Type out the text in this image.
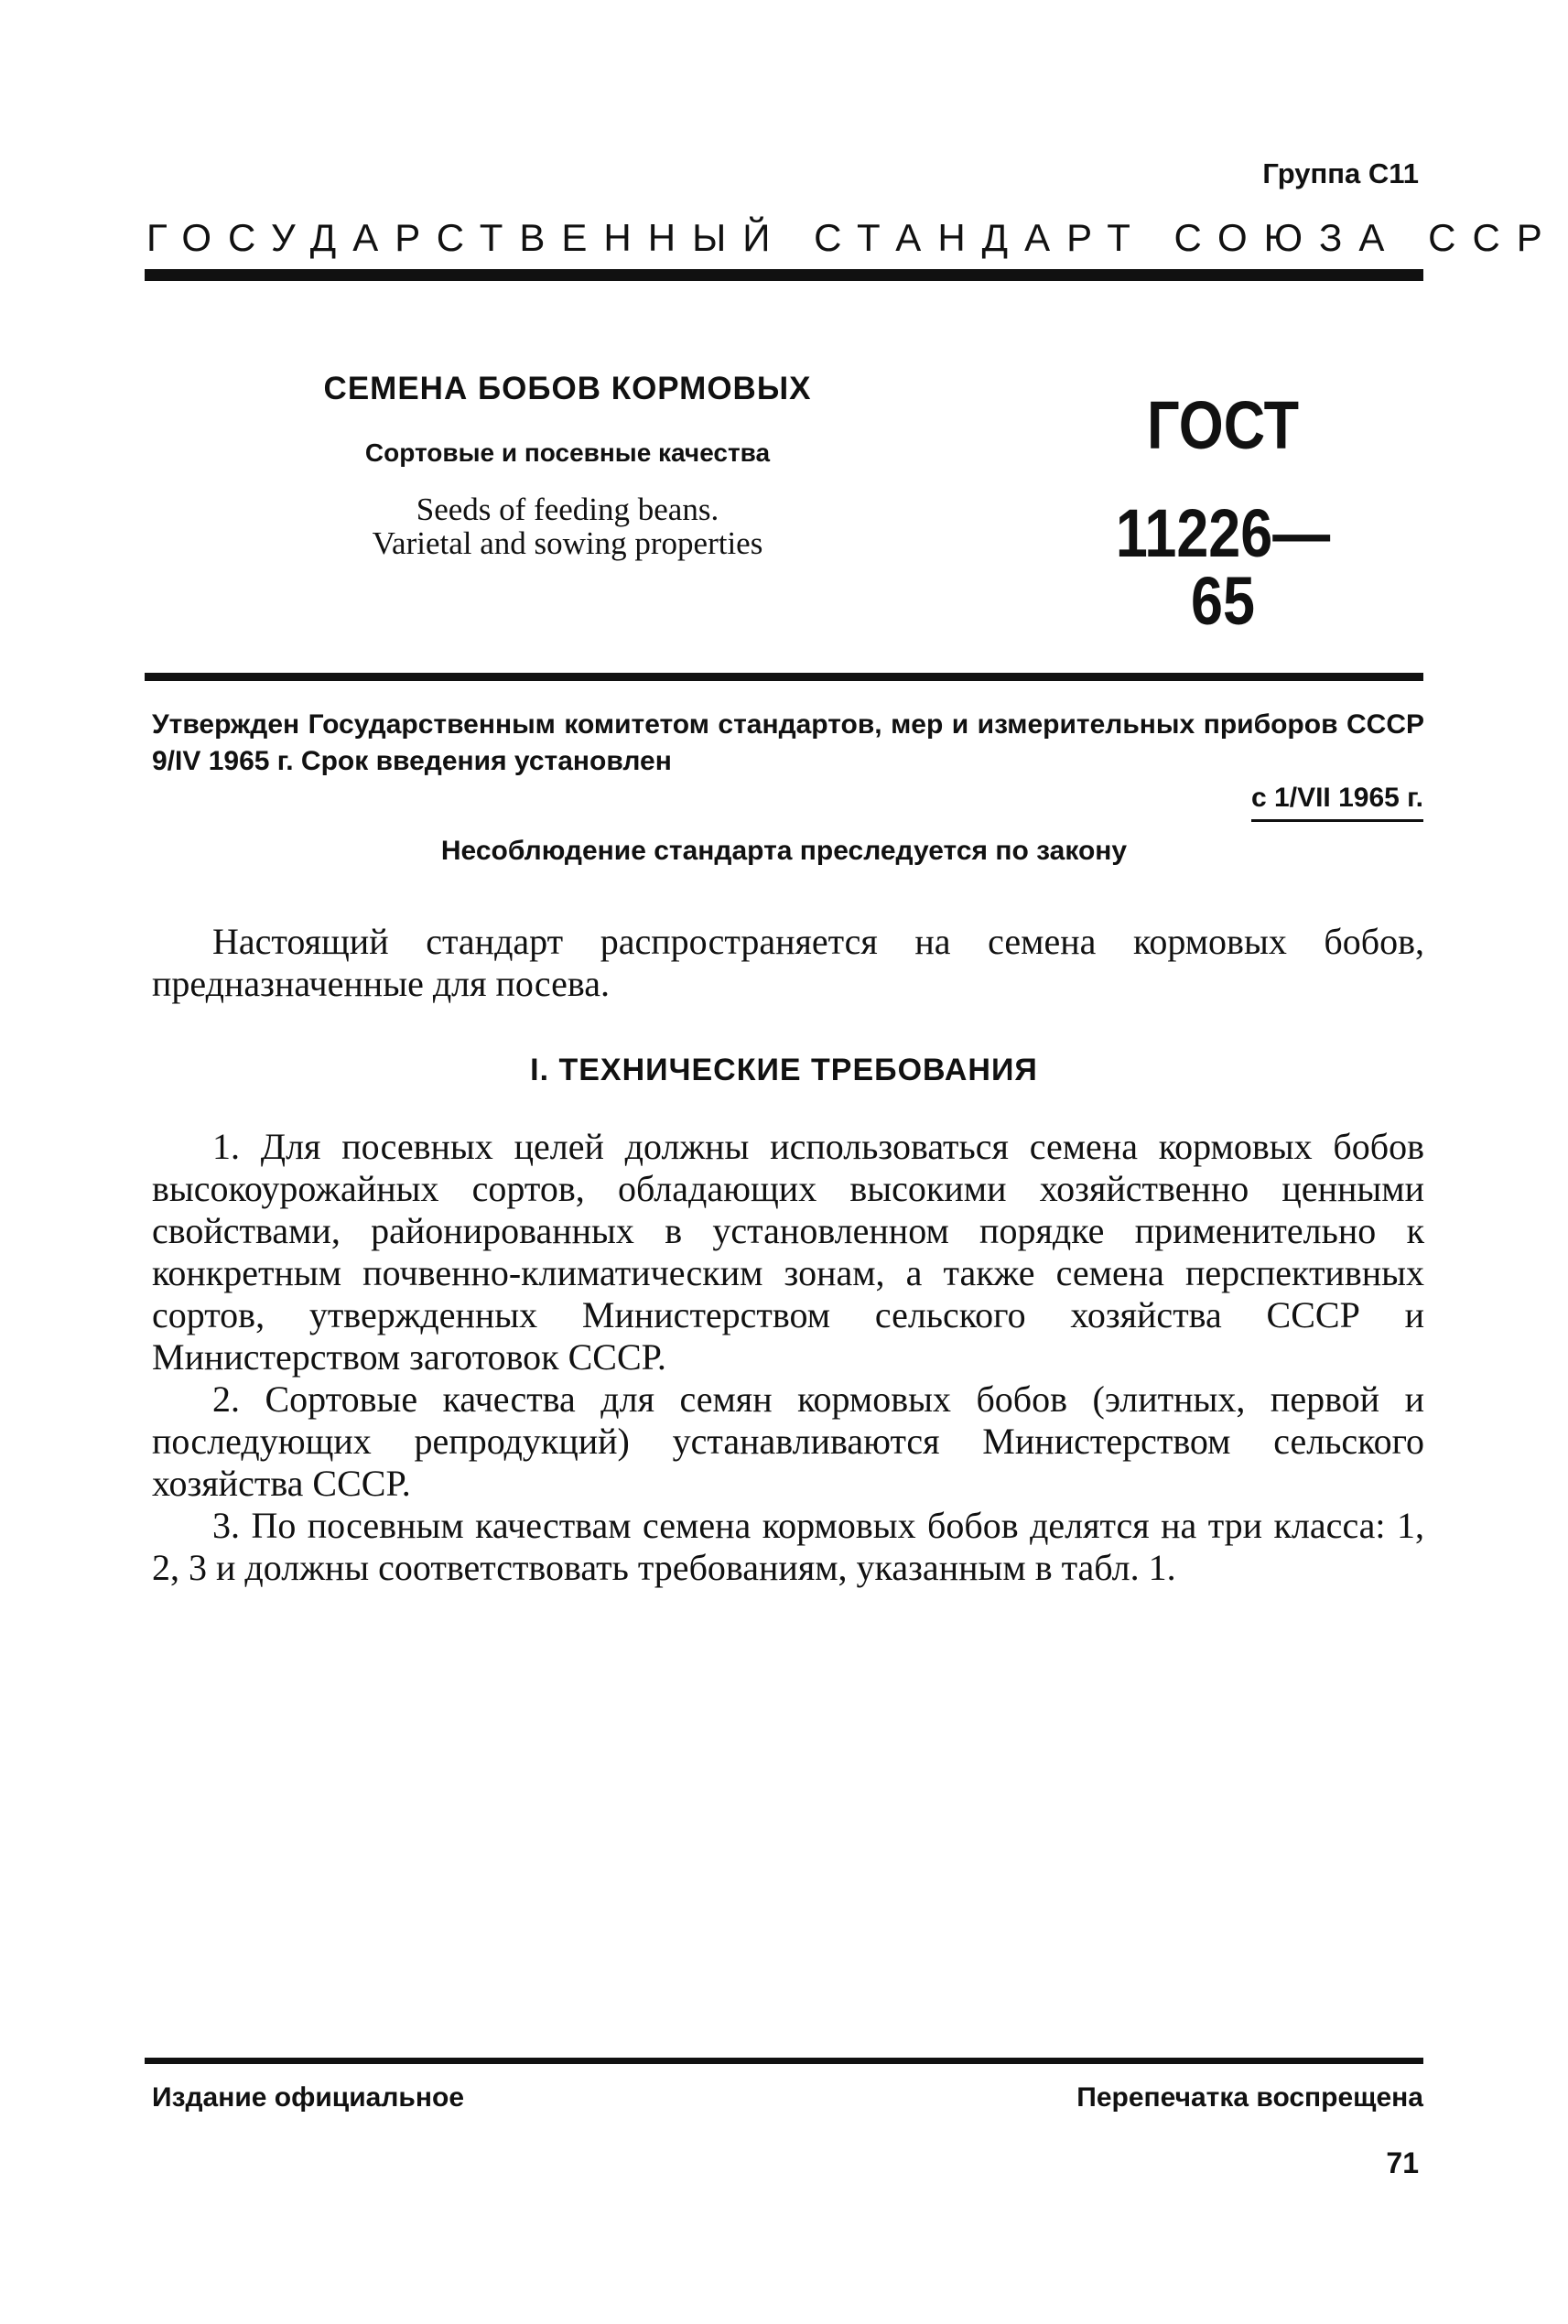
Группа С11
ГОСУДАРСТВЕННЫЙ СТАНДАРТ СОЮЗА ССР
СЕМЕНА БОБОВ КОРМОВЫХ
Сортовые и посевные качества
Seeds of feeding beans.
Varietal and sowing properties
ГОСТ
11226—65
Утвержден Государственным комитетом стандартов, мер и измерительных приборов СССР 9/IV 1965 г. Срок введения установлен
с 1/VII 1965 г.
Несоблюдение стандарта преследуется по закону
Настоящий стандарт распространяется на семена кормовых бобов, предназначенные для посева.
I. ТЕХНИЧЕСКИЕ ТРЕБОВАНИЯ

1. Для посевных целей должны использоваться семена кормовых бобов высокоурожайных сортов, обладающих высокими хозяйственно ценными свойствами, районированных в установленном порядке применительно к конкретным почвенно-климатическим зонам, а также семена перспективных сортов, утвержденных Министерством сельского хозяйства СССР и Министерством заготовок СССР.

2. Сортовые качества для семян кормовых бобов (элитных, первой и последующих репродукций) устанавливаются Министерством сельского хозяйства СССР.

3. По посевным качествам семена кормовых бобов делятся на три класса: 1, 2, 3 и должны соответствовать требованиям, указанным в табл. 1.

Издание официальное	Перепечатка воспрещена
71
